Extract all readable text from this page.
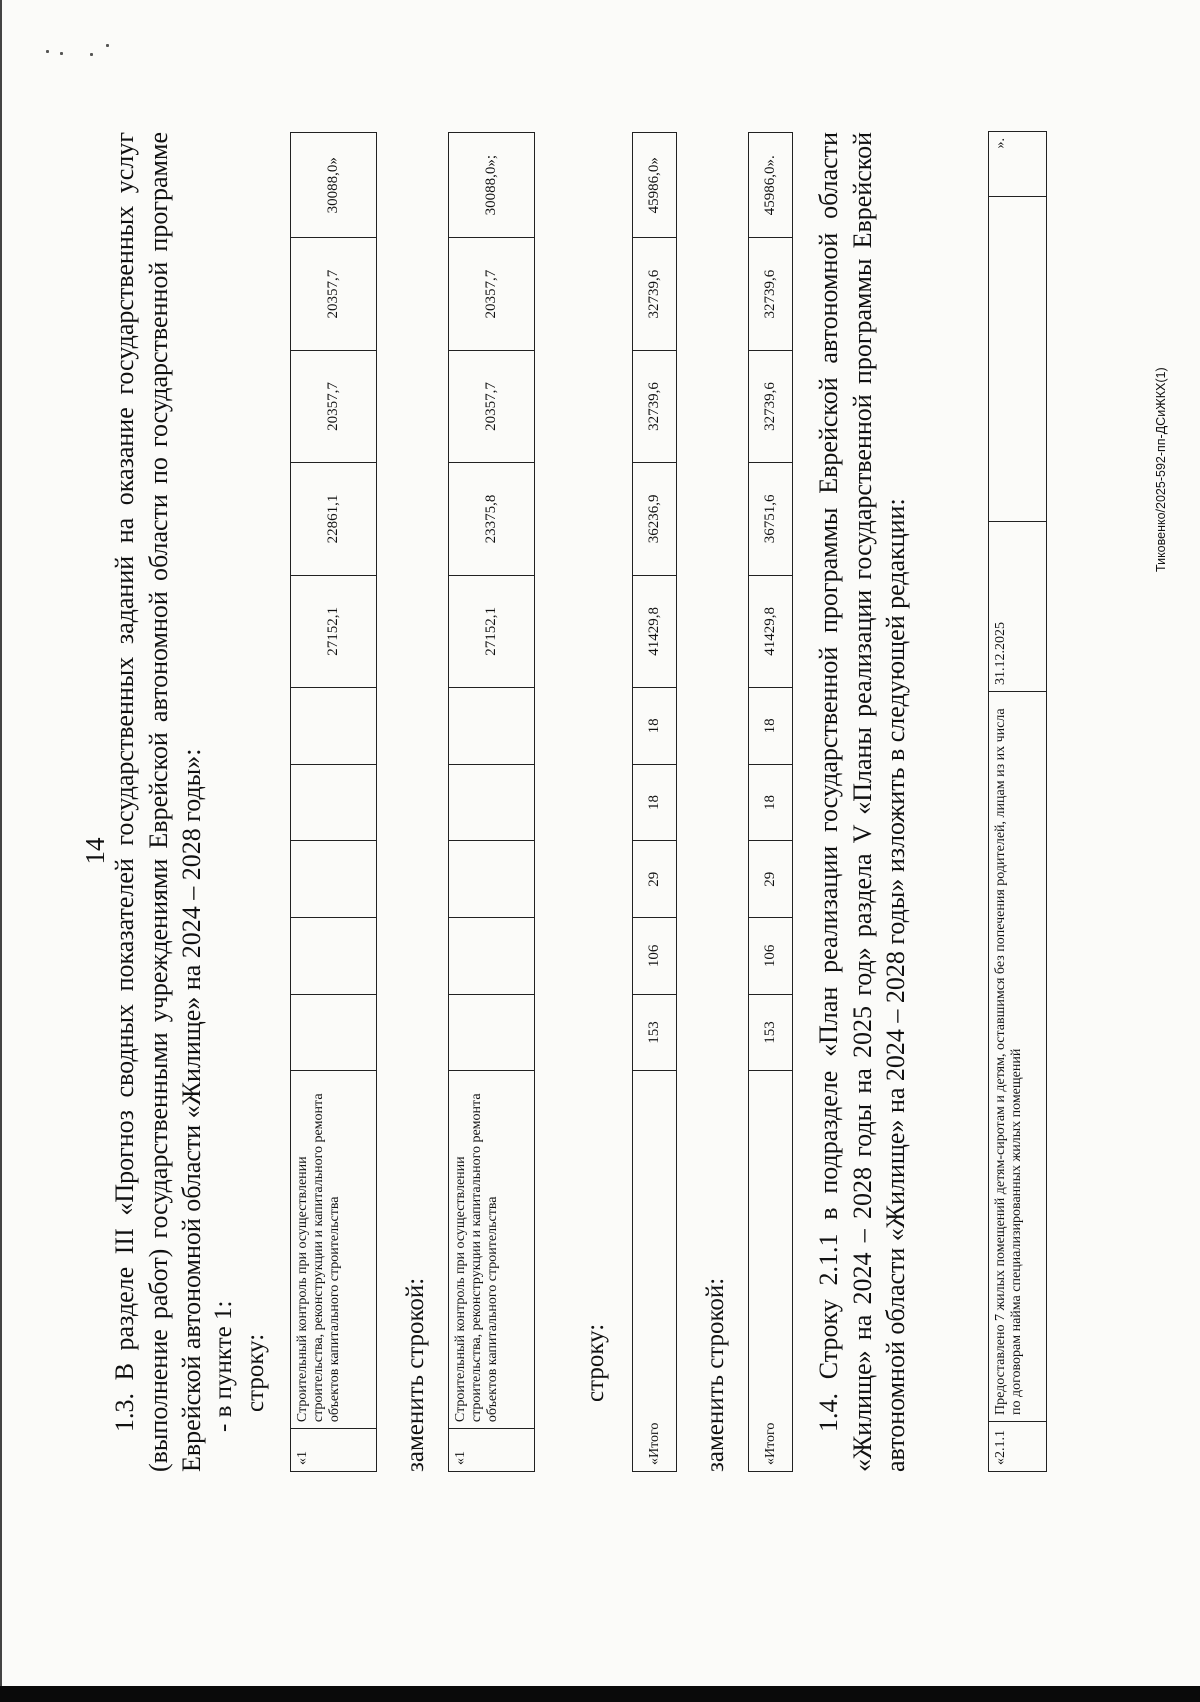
14 1.3. В разделе III «Прогноз сводных показателей государственных заданий на оказание государственных услуг (выполнение работ) государственными учреждениями Еврейской автономной области по государственной программе Еврейской автономной области «Жилище» на 2024 – 2028 годы»: - в пункте 1: строку:
«1	Строительный контроль при осуществлении строительства, реконструкции и капитального ремонта объектов капитального строительства						27152,1	22861,1	20357,7	20357,7	30088,0»
заменить строкой: «1	Строительный контроль при осуществлении строительства, реконструкции и капитального ремонта объектов капитального строительства						27152,1	23375,8	20357,7	20357,7	30088,0»;
строку:
«Итого	153	106	29	18	18	41429,8	36236,9	32739,6	32739,6	45986,0»
заменить строкой: «Итого	153	106	29	18	18	41429,8	36751,6	32739,6	32739,6	45986,0». 1.4. Строку 2.1.1 в подразделе «План реализации государственной программы Еврейской автономной области «Жилище» на 2024 – 2028 годы на 2025 год» раздела V «Планы реализации государственной программы Еврейской автономной области «Жилище» на 2024 – 2028 годы» изложить в следующей редакции:	«2.1.1	Предоставлено 7 жилых помещений детям-сиротам и детям, оставшимся без попечения родителей, лицам из их числа по договорам найма специализированных жилых помещений	31.12.2025		».
Тиковенко/2025-592-пп-ДСиЖКХ(1)
